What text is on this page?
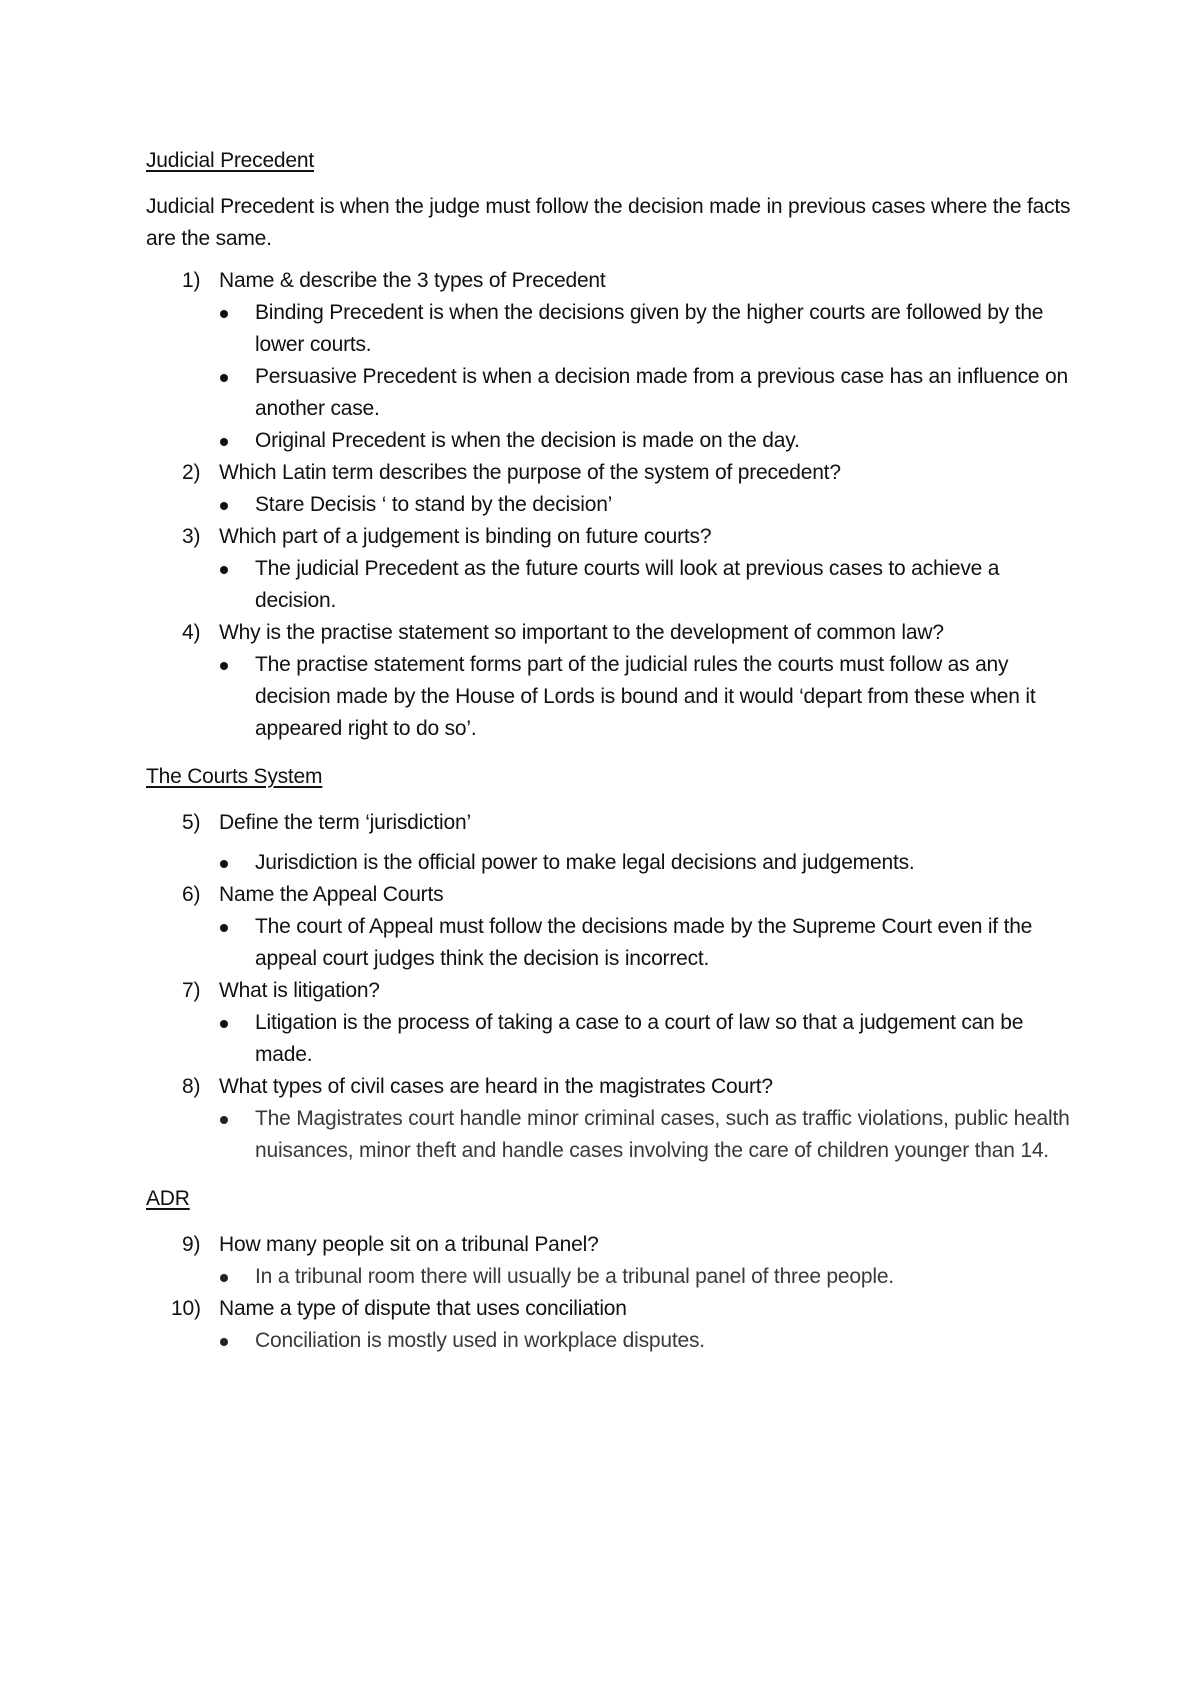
Judicial Precedent

Judicial Precedent is when the judge must follow the decision made in previous cases where the facts are the same.

1) Name & describe the 3 types of Precedent
Binding Precedent is when the decisions given by the higher courts are followed by the lower courts.
Persuasive Precedent is when a decision made from a previous case has an influence on another case.
Original Precedent is when the decision is made on the day.
2) Which Latin term describes the purpose of the system of precedent?
Stare Decisis ‘ to stand by the decision’
3) Which part of a judgement is binding on future courts?
The judicial Precedent as the future courts will look at previous cases to achieve a decision.
4) Why is the practise statement so important to the development of common law?
The practise statement forms part of the judicial rules the courts must follow as any decision made by the House of Lords is bound and it would ‘depart from these when it appeared right to do so’.
The Courts System
5) Define the term ‘jurisdiction’
Jurisdiction is the official power to make legal decisions and judgements.
6) Name the Appeal Courts
The court of Appeal must follow the decisions made by the Supreme Court even if the appeal court judges think the decision is incorrect.
7) What is litigation?
Litigation is the process of taking a case to a court of law so that a judgement can be made.
8) What types of civil cases are heard in the magistrates Court?
The Magistrates court handle minor criminal cases, such as traffic violations, public health nuisances, minor theft and handle cases involving the care of children younger than 14.
ADR
9) How many people sit on a tribunal Panel?
In a tribunal room there will usually be a tribunal panel of three people.
10) Name a type of dispute that uses conciliation
Conciliation is mostly used in workplace disputes.
